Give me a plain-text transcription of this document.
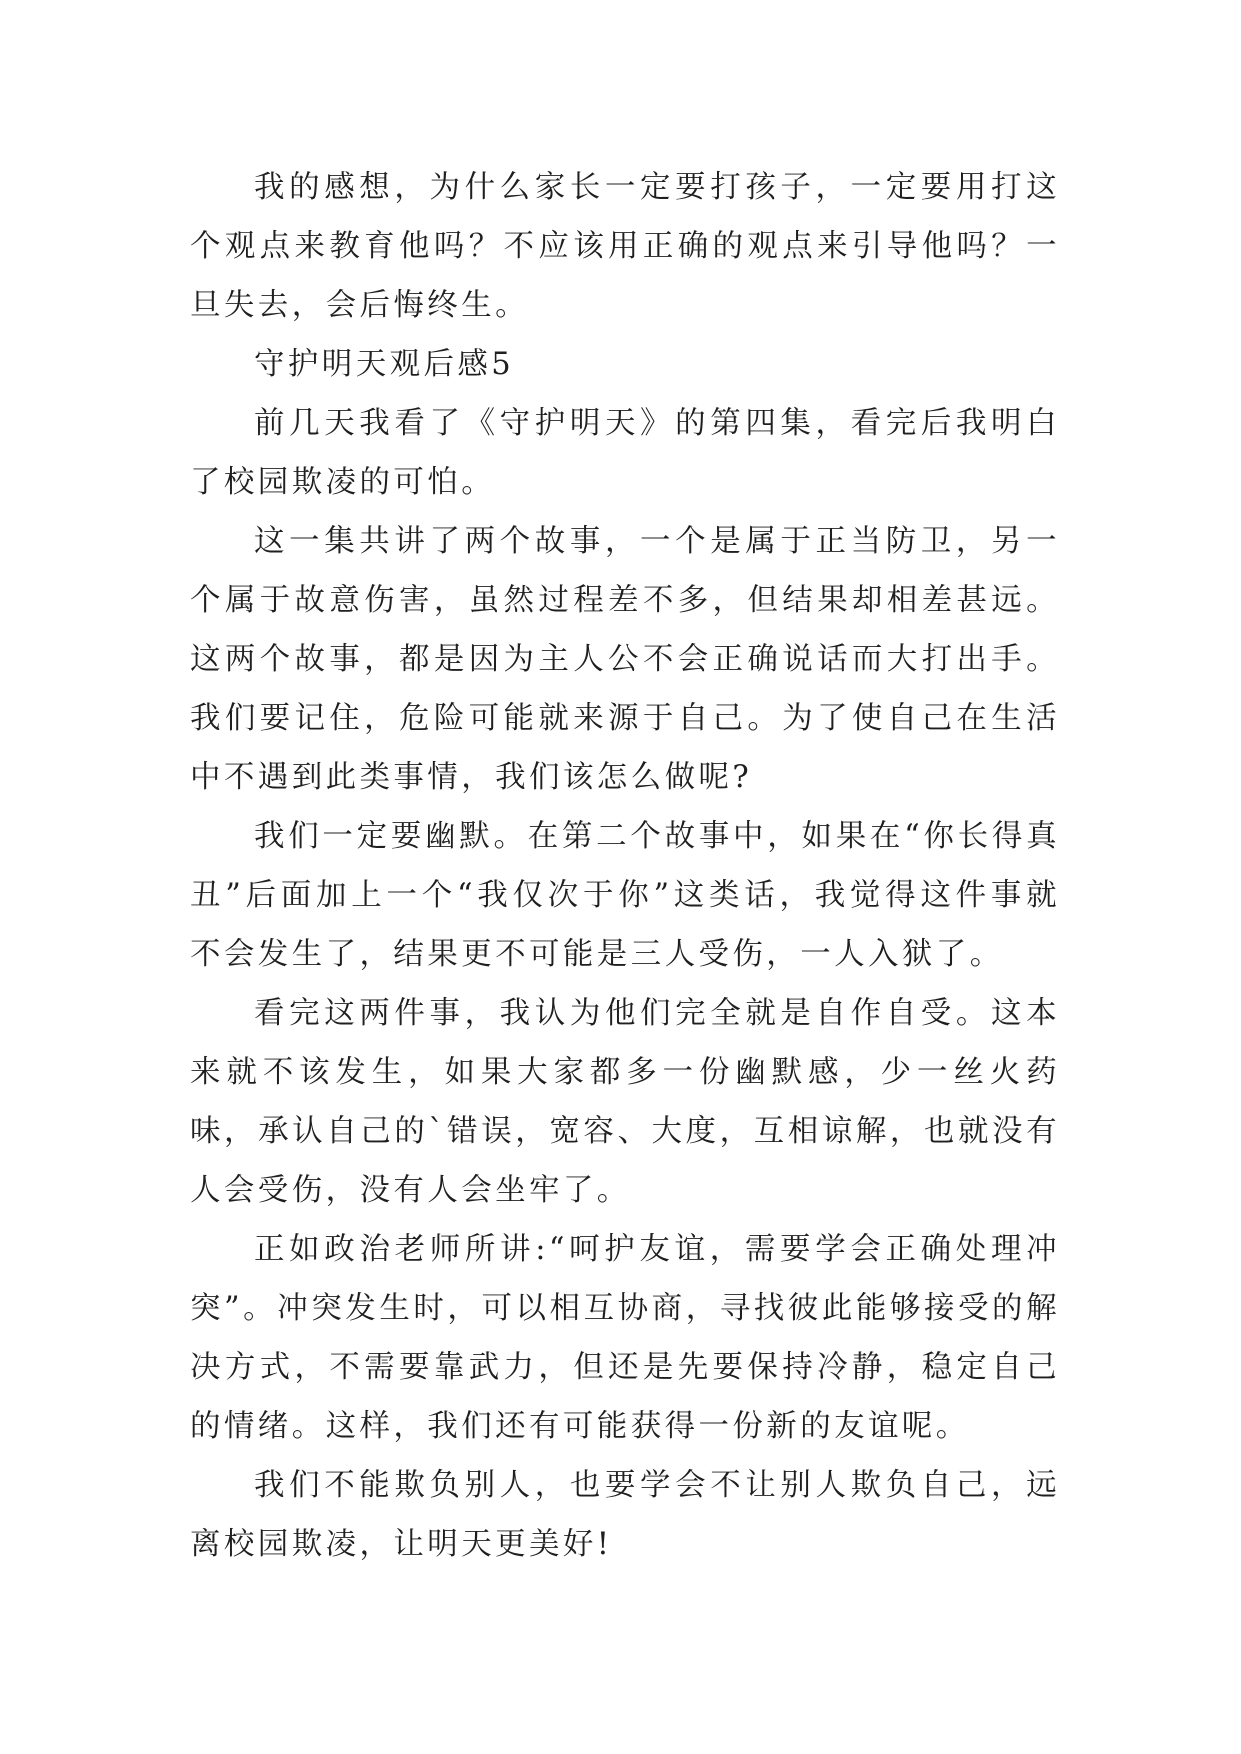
我的感想，为什么家长一定要打孩子，一定要用打这个观点来教育他吗？不应该用正确的观点来引导他吗？一旦失去，会后悔终生。

守护明天观后感5

前几天我看了《守护明天》的第四集，看完后我明白了校园欺凌的可怕。

这一集共讲了两个故事，一个是属于正当防卫，另一个属于故意伤害，虽然过程差不多，但结果却相差甚远。这两个故事，都是因为主人公不会正确说话而大打出手。我们要记住，危险可能就来源于自己。为了使自己在生活中不遇到此类事情，我们该怎么做呢?

我们一定要幽默。在第二个故事中，如果在“你长得真丑”后面加上一个“我仅次于你”这类话，我觉得这件事就不会发生了，结果更不可能是三人受伤，一人入狱了。

看完这两件事，我认为他们完全就是自作自受。这本来就不该发生，如果大家都多一份幽默感，少一丝火药味，承认自己的`错误，宽容、大度，互相谅解，也就没有人会受伤，没有人会坐牢了。

正如政治老师所讲:“呵护友谊，需要学会正确处理冲突”。冲突发生时，可以相互协商，寻找彼此能够接受的解决方式，不需要靠武力，但还是先要保持冷静，稳定自己的情绪。这样，我们还有可能获得一份新的友谊呢。

我们不能欺负别人，也要学会不让别人欺负自己，远离校园欺凌，让明天更美好!
